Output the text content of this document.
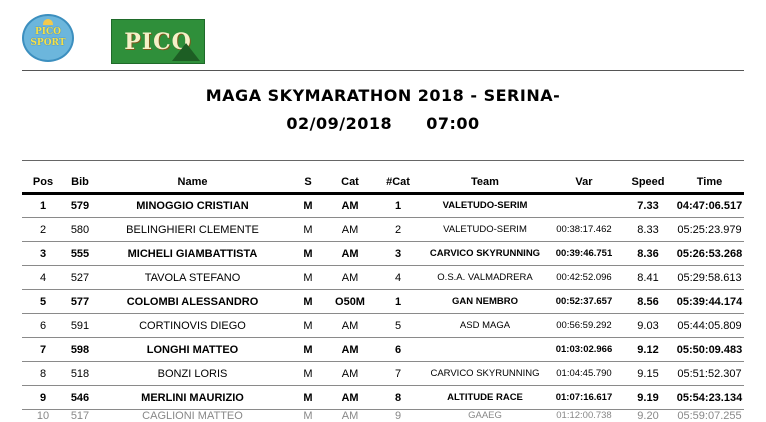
PICO
SPORT	PICO
MAGA SKYMARATHON 2018 - SERINA-
02/09/2018 07:00
Pos	Bib	Name	S	Cat	#Cat	Team	Var	Speed	Time
1	579	MINOGGIO CRISTIAN	M	AM	1	VALETUDO-SERIM		7.33	04:47:06.517
2	580	BELINGHIERI CLEMENTE	M	AM	2	VALETUDO-SERIM	00:38:17.462	8.33	05:25:23.979
3	555	MICHELI GIAMBATTISTA	M	AM	3	CARVICO SKYRUNNING	00:39:46.751	8.36	05:26:53.268
4	527	TAVOLA STEFANO	M	AM	4	O.S.A. VALMADRERA	00:42:52.096	8.41	05:29:58.613
5	577	COLOMBI ALESSANDRO	M	O50M	1	GAN NEMBRO	00:52:37.657	8.56	05:39:44.174
6	591	CORTINOVIS DIEGO	M	AM	5	ASD MAGA	00:56:59.292	9.03	05:44:05.809
7	598	LONGHI MATTEO	M	AM	6		01:03:02.966	9.12	05:50:09.483
8	518	BONZI LORIS	M	AM	7	CARVICO SKYRUNNING	01:04:45.790	9.15	05:51:52.307
9	546	MERLINI MAURIZIO	M	AM	8	ALTITUDE RACE	01:07:16.617	9.19	05:54:23.134
10	517	CAGLIONI MATTEO	M	AM	9	GAAEG	01:12:00.738	9.20	05:59:07.255
